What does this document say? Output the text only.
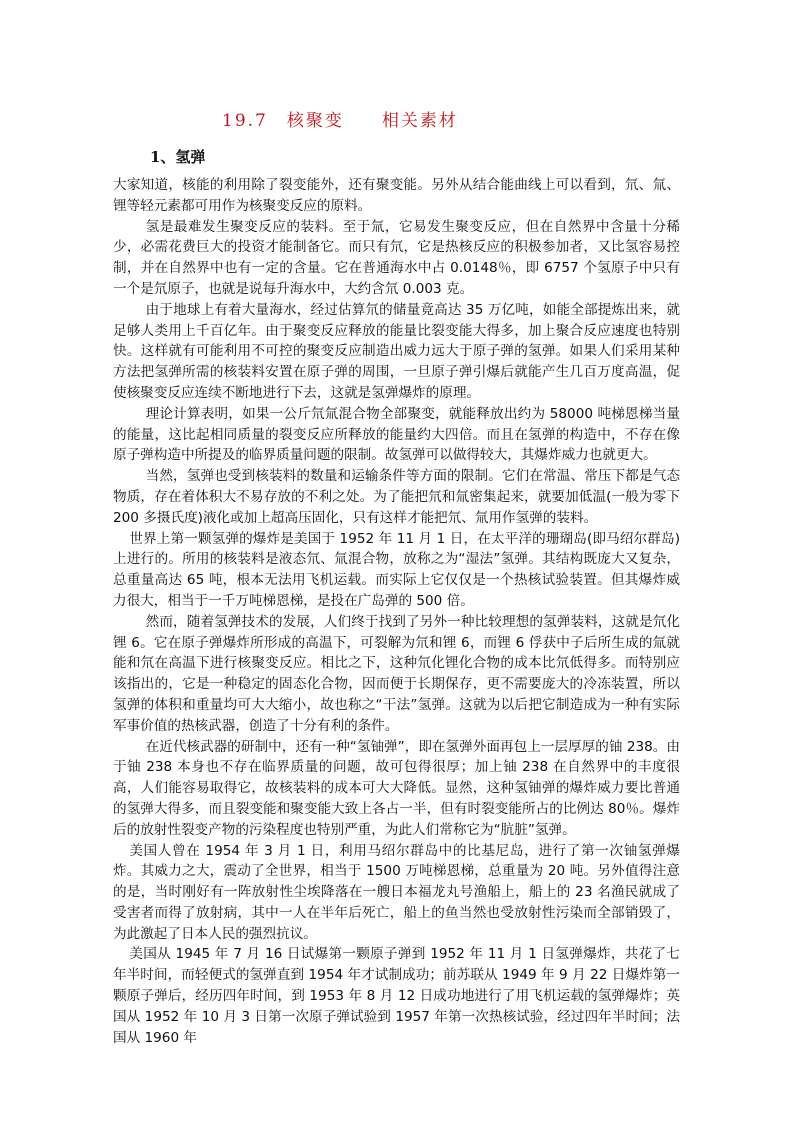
19.7　核聚变　　相关素材
1、氢弹

大家知道，核能的利用除了裂变能外，还有聚变能。另外从结合能曲线上可以看到，氘、氚、锂等轻元素都可用作为核聚变反应的原料。

氢是最难发生聚变反应的装料。至于氚，它易发生聚变反应，但在自然界中含量十分稀少，必需花费巨大的投资才能制备它。而只有氘，它是热核反应的积极参加者，又比氢容易控制，并在自然界中也有一定的含量。它在普通海水中占 0.0148％，即 6757 个氢原子中只有一个是氘原子，也就是说每升海水中，大约含氘 0.003 克。

由于地球上有着大量海水，经过估算氘的储量竟高达 35 万亿吨，如能全部提炼出来，就足够人类用上千百亿年。由于聚变反应释放的能量比裂变能大得多，加上聚合反应速度也特别快。这样就有可能利用不可控的聚变反应制造出威力远大于原子弹的氢弹。如果人们采用某种方法把氢弹所需的核装料安置在原子弹的周围，一旦原子弹引爆后就能产生几百万度高温，促使核聚变反应连续不断地进行下去，这就是氢弹爆炸的原理。

理论计算表明，如果一公斤氘氚混合物全部聚变，就能释放出约为 58000 吨梯恩梯当量的能量，这比起相同质量的裂变反应所释放的能量约大四倍。而且在氢弹的构造中，不存在像原子弹构造中所提及的临界质量问题的限制。故氢弹可以做得较大，其爆炸威力也就更大。

当然，氢弹也受到核装料的数量和运输条件等方面的限制。它们在常温、常压下都是气态物质，存在着体积大不易存放的不利之处。为了能把氘和氚密集起来，就要加低温(一般为零下 200 多摄氏度)液化或加上超高压固化，只有这样才能把氘、氚用作氢弹的装料。

世界上第一颗氢弹的爆炸是美国于 1952 年 11 月 1 日，在太平洋的珊瑚岛(即马绍尔群岛)上进行的。所用的核装料是液态氘、氚混合物，放称之为“湿法”氢弹。其结构既庞大又复杂，总重量高达 65 吨，根本无法用飞机运载。而实际上它仅仅是一个热核试验装置。但其爆炸威力很大，相当于一千万吨梯恩梯，是投在广岛弹的 500 倍。

然而，随着氢弹技术的发展，人们终于找到了另外一种比较理想的氢弹装料，这就是氘化锂 6。它在原子弹爆炸所形成的高温下，可裂解为氘和锂 6，而锂 6 俘获中子后所生成的氚就能和氘在高温下进行核聚变反应。相比之下，这种氘化锂化合物的成本比氘低得多。而特别应该指出的，它是一种稳定的固态化合物，因而便于长期保存，更不需要庞大的冷冻装置，所以氢弹的体积和重量均可大大缩小，故也称之“干法”氢弹。这就为以后把它制造成为一种有实际军事价值的热核武器，创造了十分有利的条件。

在近代核武器的研制中，还有一种“氢铀弹”，即在氢弹外面再包上一层厚厚的铀 238。由于铀 238 本身也不存在临界质量的问题，故可包得很厚；加上铀 238 在自然界中的丰度很高，人们能容易取得它，故核装料的成本可大大降低。显然，这种氢铀弹的爆炸威力要比普通的氢弹大得多，而且裂变能和聚变能大致上各占一半，但有时裂变能所占的比例达 80％。爆炸后的放射性裂变产物的污染程度也特别严重，为此人们常称它为“肮脏”氢弹。

美国人曾在 1954 年 3 月 1 日，利用马绍尔群岛中的比基尼岛，进行了第一次铀氢弹爆炸。其威力之大，震动了全世界，相当于 1500 万吨梯恩梯，总重量为 20 吨。另外值得注意的是，当时刚好有一阵放射性尘埃降落在一艘日本福龙丸号渔船上，船上的 23 名渔民就成了受害者而得了放射病，其中一人在半年后死亡，船上的鱼当然也受放射性污染而全部销毁了，为此激起了日本人民的强烈抗议。

美国从 1945 年 7 月 16 日试爆第一颗原子弹到 1952 年 11 月 1 日氢弹爆炸，共花了七年半时间，而轻便式的氢弹直到 1954 年才试制成功；前苏联从 1949 年 9 月 22 日爆炸第一颗原子弹后，经历四年时间，到 1953 年 8 月 12 日成功地进行了用飞机运载的氢弹爆炸；英国从 1952 年 10 月 3 日第一次原子弹试验到 1957 年第一次热核试验，经过四年半时间；法国从 1960 年
